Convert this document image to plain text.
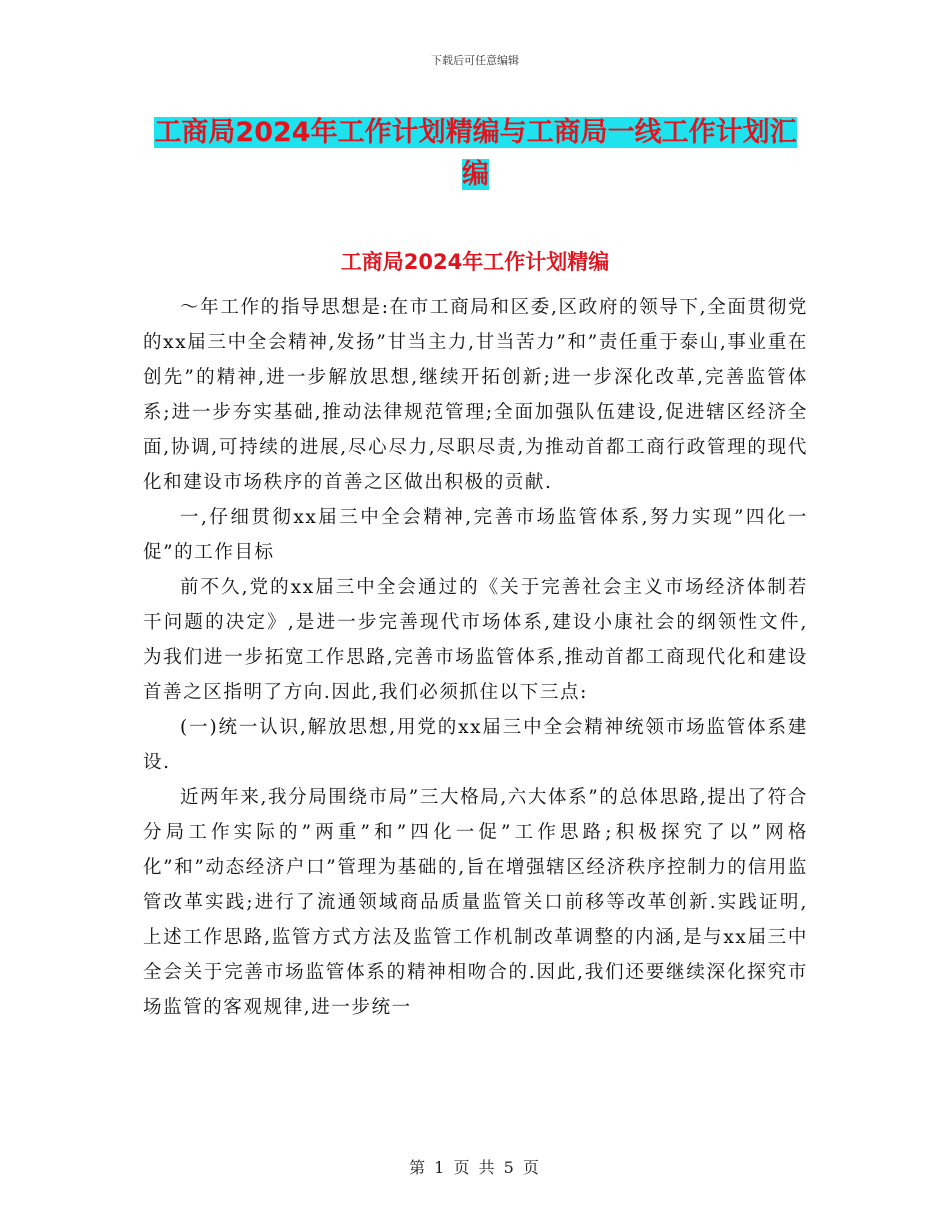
下载后可任意编辑
工商局2024年工作计划精编与工商局一线工作计划汇
编
工商局2024年工作计划精编

～年工作的指导思想是:在市工商局和区委,区政府的领导下,全面贯彻党的xx届三中全会精神,发扬”甘当主力,甘当苦力”和”责任重于泰山,事业重在创先”的精神,进一步解放思想,继续开拓创新;进一步深化改革,完善监管体系;进一步夯实基础,推动法律规范管理;全面加强队伍建设,促进辖区经济全面,协调,可持续的进展,尽心尽力,尽职尽责,为推动首都工商行政管理的现代化和建设市场秩序的首善之区做出积极的贡献.

一,仔细贯彻xx届三中全会精神,完善市场监管体系,努力实现”四化一促”的工作目标

前不久,党的xx届三中全会通过的《关于完善社会主义市场经济体制若干问题的决定》,是进一步完善现代市场体系,建设小康社会的纲领性文件,为我们进一步拓宽工作思路,完善市场监管体系,推动首都工商现代化和建设首善之区指明了方向.因此,我们必须抓住以下三点:

(一)统一认识,解放思想,用党的xx届三中全会精神统领市场监管体系建设.

近两年来,我分局围绕市局”三大格局,六大体系”的总体思路,提出了符合分局工作实际的”两重”和”四化一促”工作思路;积极探究了以”网格化”和”动态经济户口”管理为基础的,旨在增强辖区经济秩序控制力的信用监管改革实践;进行了流通领域商品质量监管关口前移等改革创新.实践证明,上述工作思路,监管方式方法及监管工作机制改革调整的内涵,是与xx届三中全会关于完善市场监管体系的精神相吻合的.因此,我们还要继续深化探究市场监管的客观规律,进一步统一

第 1 页 共 5 页
